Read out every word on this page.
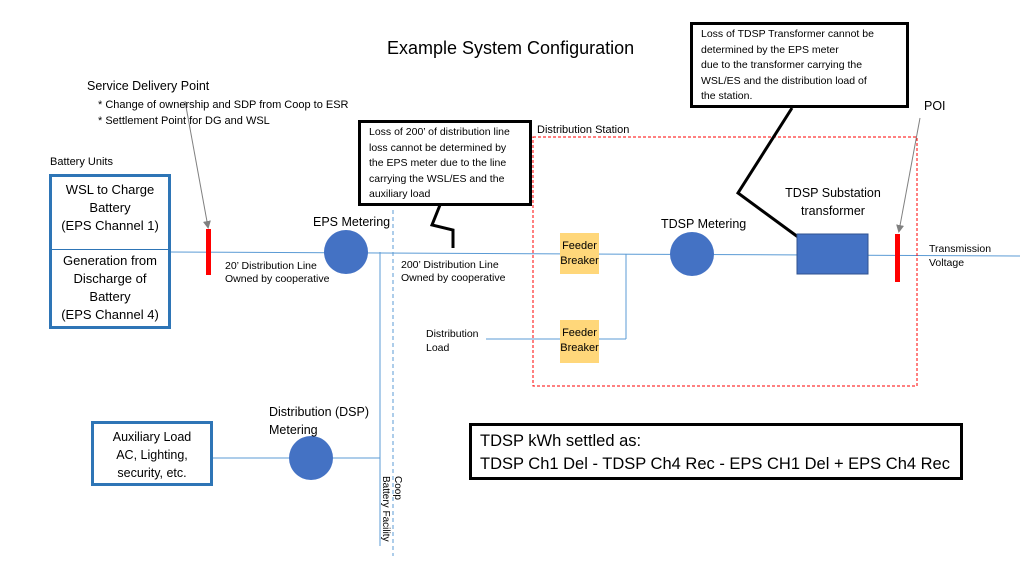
Example System Configuration
Service Delivery Point
* Change of ownership and SDP from Coop to ESR
* Settlement Point for DG and WSL
Battery Units
WSL to Charge
Battery
(EPS Channel 1)
Generation from
Discharge of
Battery
(EPS Channel 4)
Loss of 200’ of distribution line
loss cannot be determined by
the EPS meter due to the line
carrying the WSL/ES and the
auxiliary load
Loss of TDSP Transformer cannot be
determined by the EPS meter
due to the transformer carrying the
WSL/ES and the distribution load of
the station.
Distribution Station
POI
EPS Metering	TDSP Metering
TDSP Substation
transformer
Transmission
Voltage
20’ Distribution Line
Owned by cooperative
200’ Distribution Line
Owned by cooperative
Feeder
Breaker
Feeder
Breaker
Distribution
Load
Distribution (DSP)
Metering
Auxiliary Load
AC, Lighting,
security, etc.
TDSP kWh settled as:
TDSP Ch1 Del - TDSP Ch4 Rec - EPS CH1 Del + EPS Ch4 Rec
Coop
Battery Facility
